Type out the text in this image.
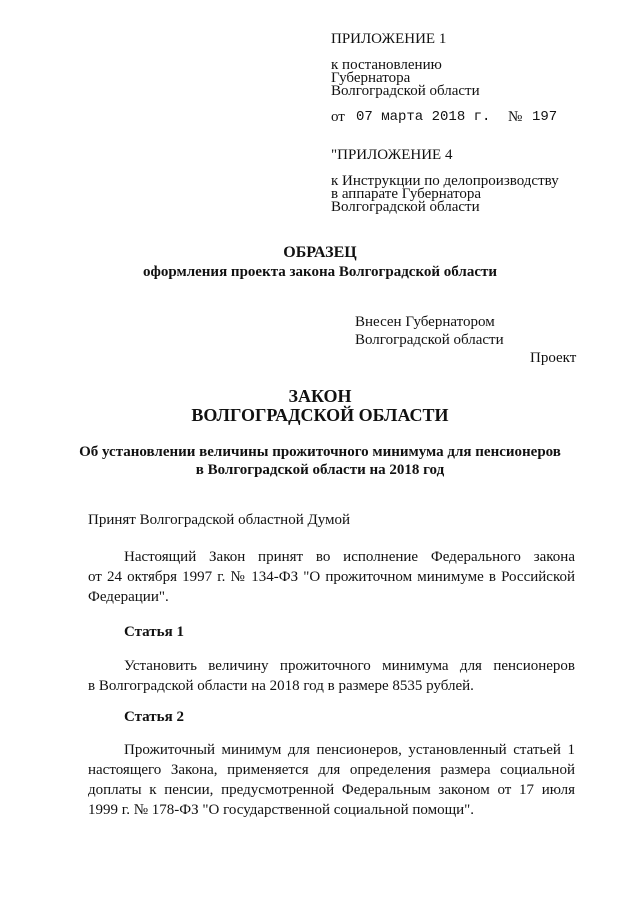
ПРИЛОЖЕНИЕ 1
к постановлению
Губернатора
Волгоградской области
от 07 марта 2018 г. № 197
"ПРИЛОЖЕНИЕ 4
к Инструкции по делопроизводству
в аппарате Губернатора
Волгоградской области
ОБРАЗЕЦ
оформления проекта закона Волгоградской области
Внесен Губернатором
Волгоградской области
Проект
ЗАКОН
ВОЛГОГРАДСКОЙ ОБЛАСТИ
Об установлении величины прожиточного минимума для пенсионеров
в Волгоградской области на 2018 год
Принят Волгоградской областной Думой
Настоящий Закон принят во исполнение Федерального закона
от 24 октября 1997 г. № 134-ФЗ "О прожиточном минимуме в Российской
Федерации".
Статья 1
Установить величину прожиточного минимума для пенсионеров
в Волгоградской области на 2018 год в размере 8535 рублей.
Статья 2
Прожиточный минимум для пенсионеров, установленный статьей 1
настоящего Закона, применяется для определения размера социальной
доплаты к пенсии, предусмотренной Федеральным законом от 17 июля
1999 г. № 178-ФЗ "О государственной социальной помощи".
